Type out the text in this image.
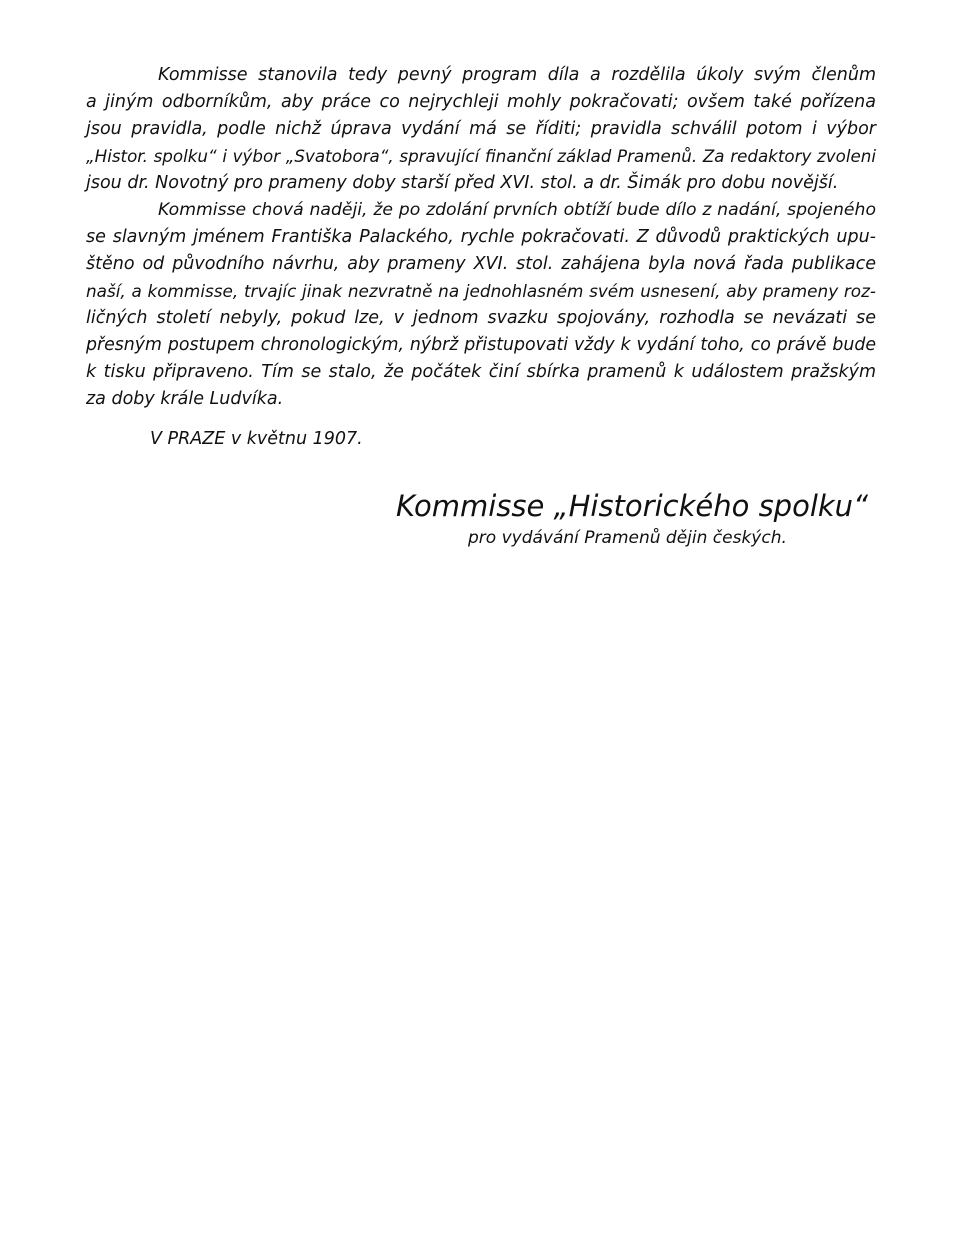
Kommisse stanovila tedy pevný program díla a rozdělila úkoly svým členům
a jiným odborníkům, aby práce co nejrychleji mohly pokračovati; ovšem také pořízena
jsou pravidla, podle nichž úprava vydání má se říditi; pravidla schválil potom i výbor
„Histor. spolku“ i výbor „Svatobora“, spravující finanční základ Pramenů. Za redaktory zvoleni
jsou dr. Novotný pro prameny doby starší před XVI. stol. a dr. Šimák pro dobu novější.
Kommisse chová naději, že po zdolání prvních obtíží bude dílo z nadání, spojeného
se slavným jménem Františka Palackého, rychle pokračovati. Z důvodů praktických upu-
štěno od původního návrhu, aby prameny XVI. stol. zahájena byla nová řada publikace
naší, a kommisse, trvajíc jinak nezvratně na jednohlasném svém usnesení, aby prameny roz-
ličných století nebyly, pokud lze, v jednom svazku spojovány, rozhodla se nevázati se
přesným postupem chronologickým, nýbrž přistupovati vždy k vydání toho, co právě bude
k tisku připraveno. Tím se stalo, že počátek činí sbírka pramenů k událostem pražským
za doby krále Ludvíka.
V PRAZE v květnu 1907.
Kommisse „Historického spolku“
pro vydávání Pramenů dějin českých.
